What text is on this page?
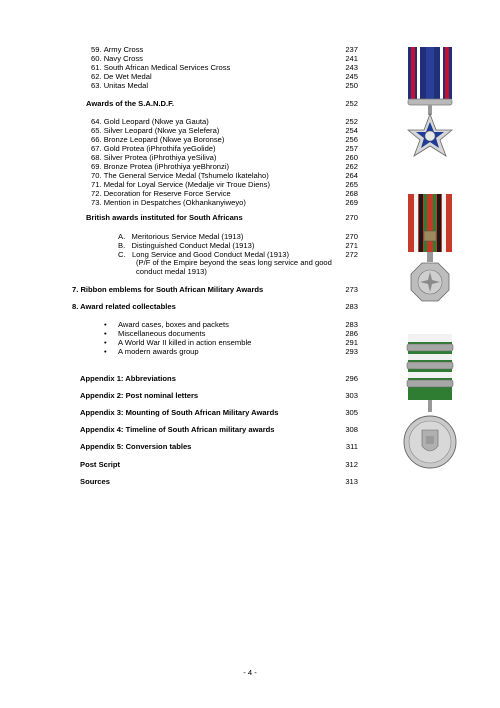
59. Army Cross	237
60. Navy Cross	241
61. South African Medical Services Cross	243
62. De Wet Medal	245
63. Unitas Medal	250
Awards of the S.A.N.D.F.	252
64. Gold Leopard (Nkwe ya Gauta)	252
65. Silver Leopard (Nkwe ya Selefera)	254
66. Bronze Leopard (Nkwe ya Boronse)	256
67. Gold Protea (iPhrothifa yeGolide)	257
68. Silver Protea (iPhrothiya yeSiliva)	260
69. Bronze Protea (iPhrothiya yeBhronzi)	262
70. The General Service Medal (Tshumelo Ikatelaho)	264
71. Medal for Loyal Service (Medalje vir Troue Diens)	265
72. Decoration for Reserve Force Service	268
73. Mention in Despatches (Okhankanyiweyo)	269
British awards instituted for South Africans	270
A. Meritorious Service Medal (1913)	270
B. Distinguished Conduct Medal (1913)	271
C. Long Service and Good Conduct Medal (1913)	272
(P/F of the Empire beyond the seas long service and good
conduct medal 1913)
7. Ribbon emblems for South African Military Awards	273
8. Award related collectables	283
• Award cases, boxes and packets	283
• Miscellaneous documents	286
• A World War II killed in action ensemble	291
• A modern awards group	293
Appendix 1: Abbreviations	296
Appendix 2: Post nominal letters	303
Appendix 3: Mounting of South African Military Awards	305
Appendix 4: Timeline of South African military awards	308
Appendix 5: Conversion tables	311
Post Script	312
Sources	313
- 4 -
